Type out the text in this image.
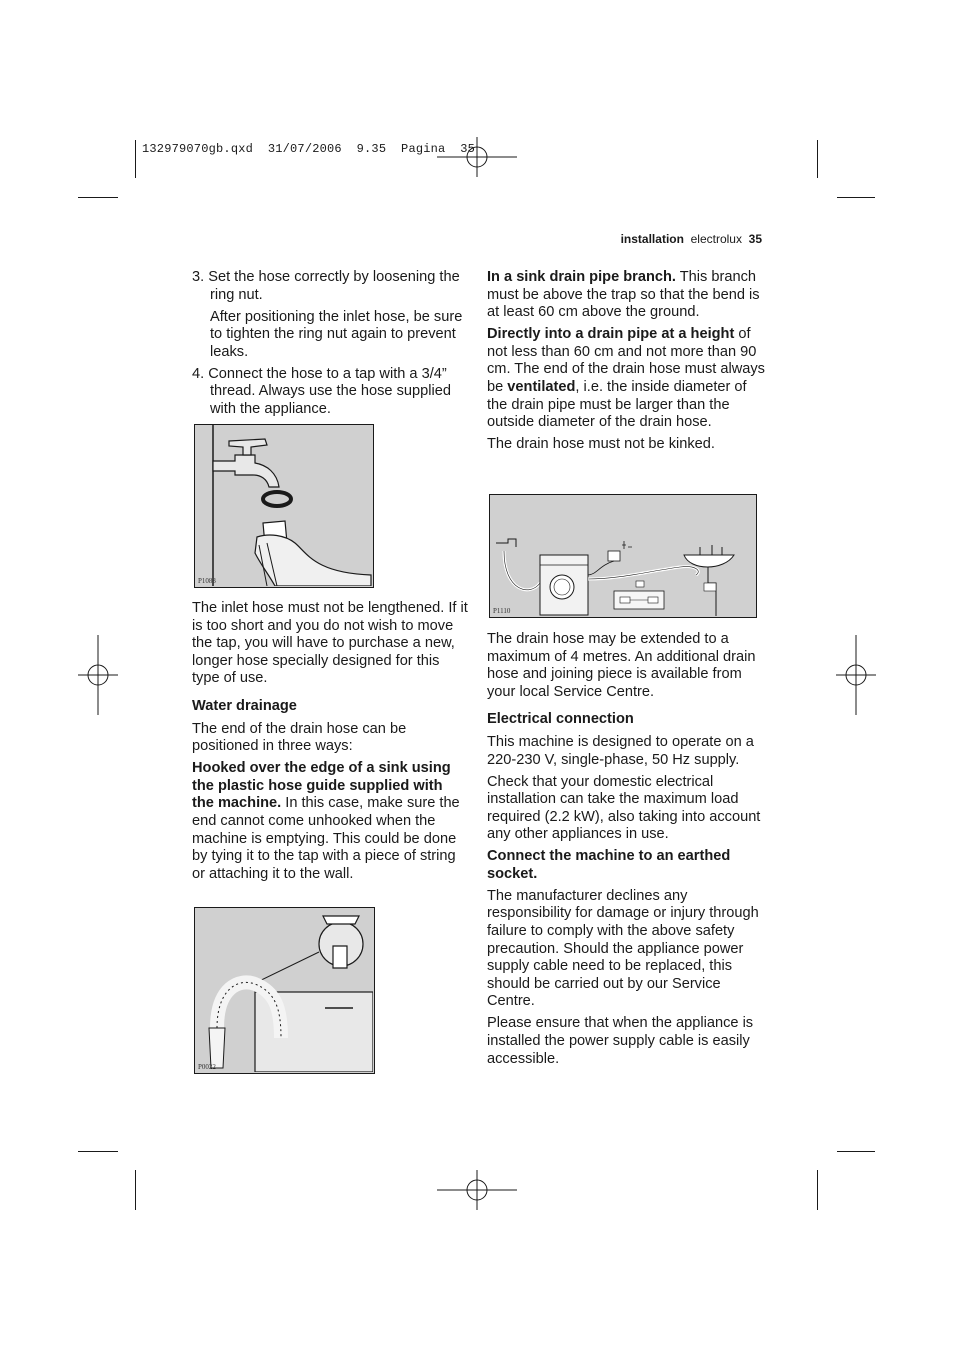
132979070gb.qxd  31/07/2006  9.35  Pagina  35
installation electrolux 35

3. Set the hose correctly by loosening the ring nut.

After positioning the inlet hose, be sure to tighten the ring nut again to prevent leaks.

4. Connect the hose to a tap with a 3/4” thread. Always use the hose supplied with the appliance.

P1083

The inlet hose must not be lengthened. If it is too short and you do not wish to move the tap, you will have to purchase a new, longer hose specially designed for this type of use.

Water drainage

The end of the drain hose can be positioned in three ways:

Hooked over the edge of a sink using the plastic hose guide supplied with the machine. In this case, make sure the end cannot come unhooked when the machine is emptying. This could be done by tying it to the tap with a piece of string or attaching it to the wall.

P0022

In a sink drain pipe branch. This branch must be above the trap so that the bend is at least 60 cm above the ground.

Directly into a drain pipe at a height of not less than 60 cm and not more than 90 cm. The end of the drain hose must always be ventilated, i.e. the inside diameter of the drain pipe must be larger than the outside diameter of the drain hose.

The drain hose must not be kinked.

P1110

The drain hose may be extended to a maximum of 4 metres. An additional drain hose and joining piece is available from your local Service Centre.

Electrical connection

This machine is designed to operate on a 220-230 V, single-phase, 50 Hz supply.

Check that your domestic electrical installation can take the maximum load required (2.2 kW), also taking into account any other appliances in use.

Connect the machine to an earthed socket.

The manufacturer declines any responsibility for damage or injury through failure to comply with the above safety precaution. Should the appliance power supply cable need to be replaced, this should be carried out by our Service Centre.

Please ensure that when the appliance is installed the power supply cable is easily accessible.
